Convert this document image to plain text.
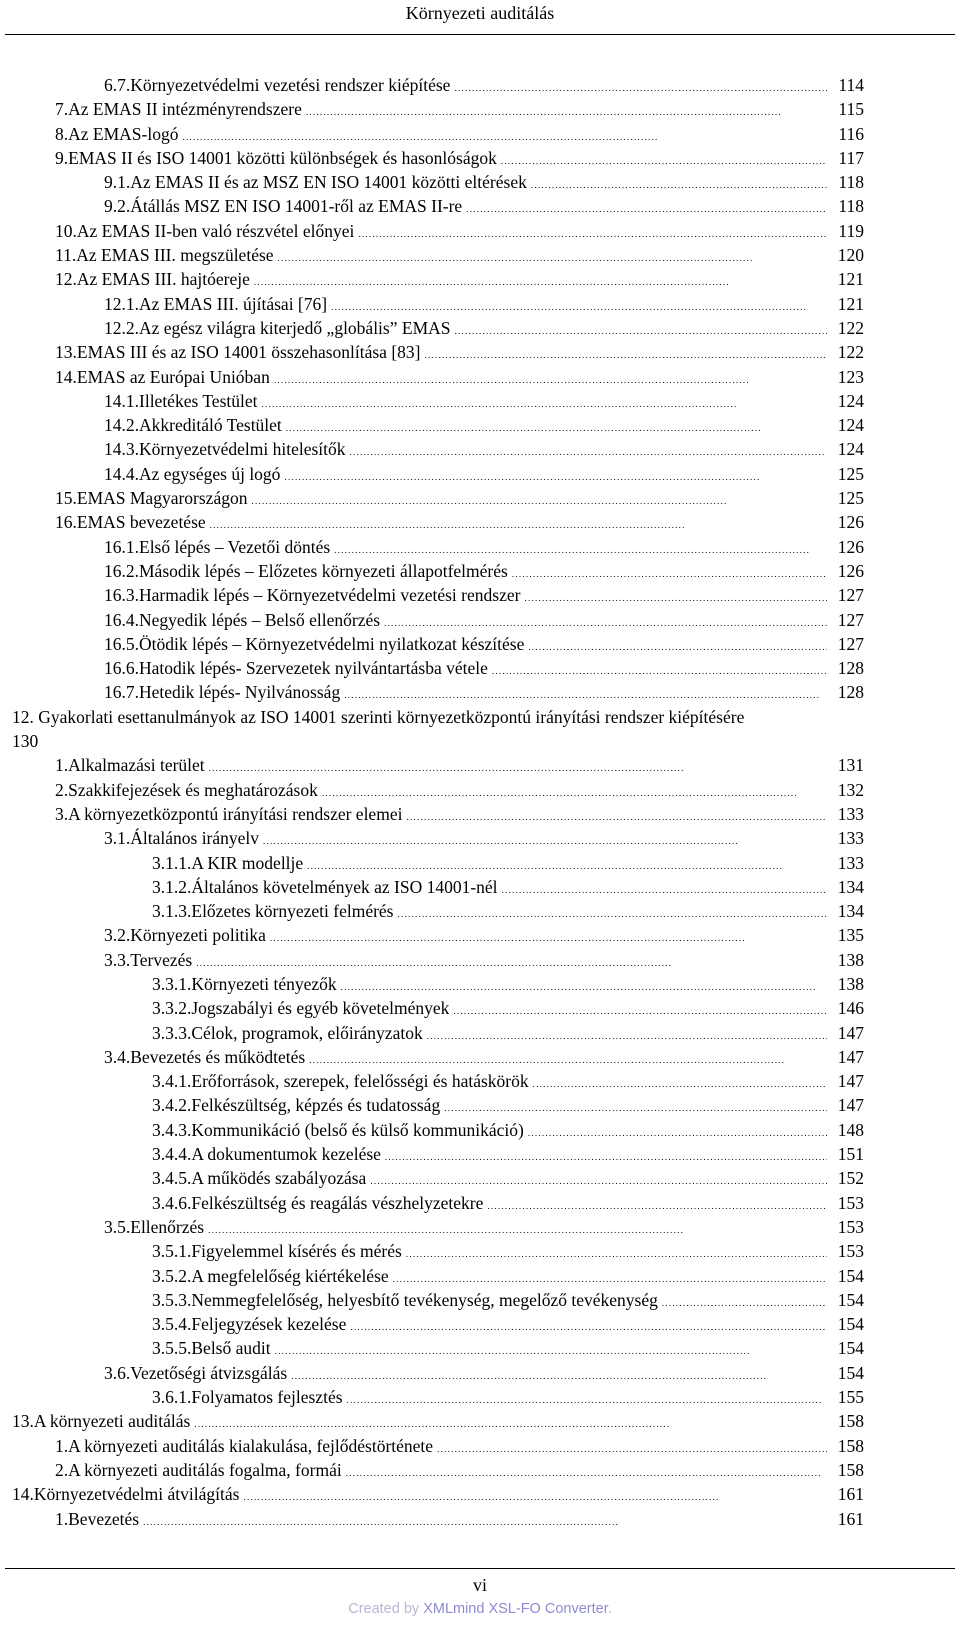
Környezeti auditálás
6.7. Környezetvédelmi vezetési rendszer kiépítése . . .	114
7. Az EMAS II intézményrendszere . . .	115
8. Az EMAS-logó . . .	116
9. EMAS II és ISO 14001 közötti különbségek és hasonlóságok . . .	117
9.1. Az EMAS II és az MSZ EN ISO 14001 közötti eltérések . . .	118
9.2. Átállás MSZ EN ISO 14001-ről az EMAS II-re . . .	118
10. Az EMAS II-ben való részvétel előnyei . . .	119
11. Az EMAS III. megszületése . . .	120
12. Az EMAS III. hajtóereje . . .	121
12.1. Az EMAS III. újításai [76] . . .	121
12.2. Az egész világra kiterjedő „globális” EMAS . . .	122
13. EMAS III és az ISO 14001 összehasonlítása [83] . . .	122
14. EMAS az Európai Unióban . . .	123
14.1. Illetékes Testület . . .	124
14.2. Akkreditáló Testület . . .	124
14.3. Környezetvédelmi hitelesítők . . .	124
14.4. Az egységes új logó . . .	125
15. EMAS Magyarországon . . .	125
16. EMAS bevezetése . . .	126
16.1. Első lépés – Vezetői döntés . . .	126
16.2. Második lépés – Előzetes környezeti állapotfelmérés . . .	126
16.3. Harmadik lépés – Környezetvédelmi vezetési rendszer . . .	127
16.4. Negyedik lépés – Belső ellenőrzés . . .	127
16.5. Ötödik lépés – Környezetvédelmi nyilatkozat készítése . . .	127
16.6. Hatodik lépés- Szervezetek nyilvántartásba vétele . . .	128
16.7. Hetedik lépés- Nyilvánosság . . .	128
12. Gyakorlati esettanulmányok az ISO 14001 szerinti környezetközpontú irányítási rendszer kiépítésére
130
1. Alkalmazási terület . . .	131
2. Szakkifejezések és meghatározások . . .	132
3. A környezetközpontú irányítási rendszer elemei . . .	133
3.1. Általános irányelv . . .	133
3.1.1. A KIR modellje . . .	133
3.1.2. Általános követelmények az ISO 14001-nél . . .	134
3.1.3. Előzetes környezeti felmérés . . .	134
3.2. Környezeti politika . . .	135
3.3. Tervezés . . .	138
3.3.1. Környezeti tényezők . . .	138
3.3.2. Jogszabályi és egyéb követelmények . . .	146
3.3.3. Célok, programok, előirányzatok . . .	147
3.4. Bevezetés és működtetés . . .	147
3.4.1. Erőforrások, szerepek, felelősségi és hatáskörök . . .	147
3.4.2. Felkészültség, képzés és tudatosság . . .	147
3.4.3. Kommunikáció (belső és külső kommunikáció) . . .	148
3.4.4. A dokumentumok kezelése . . .	151
3.4.5. A működés szabályozása . . .	152
3.4.6. Felkészültség és reagálás vészhelyzetekre . . .	153
3.5. Ellenőrzés . . .	153
3.5.1. Figyelemmel kísérés és mérés . . .	153
3.5.2. A megfelelőség kiértékelése . . .	154
3.5.3. Nemmegfelelőség, helyesbítő tevékenység, megelőző tevékenység . . .	154
3.5.4. Feljegyzések kezelése . . .	154
3.5.5. Belső audit . . .	154
3.6. Vezetőségi átvizsgálás . . .	154
3.6.1. Folyamatos fejlesztés . . .	155
13. A környezeti auditálás . . .	158
1. A környezeti auditálás kialakulása, fejlődéstörténete . . .	158
2. A környezeti auditálás fogalma, formái . . .	158
14. Környezetvédelmi átvilágítás . . .	161
1. Bevezetés . . .	161
vi
Created by XMLmind XSL-FO Converter.
